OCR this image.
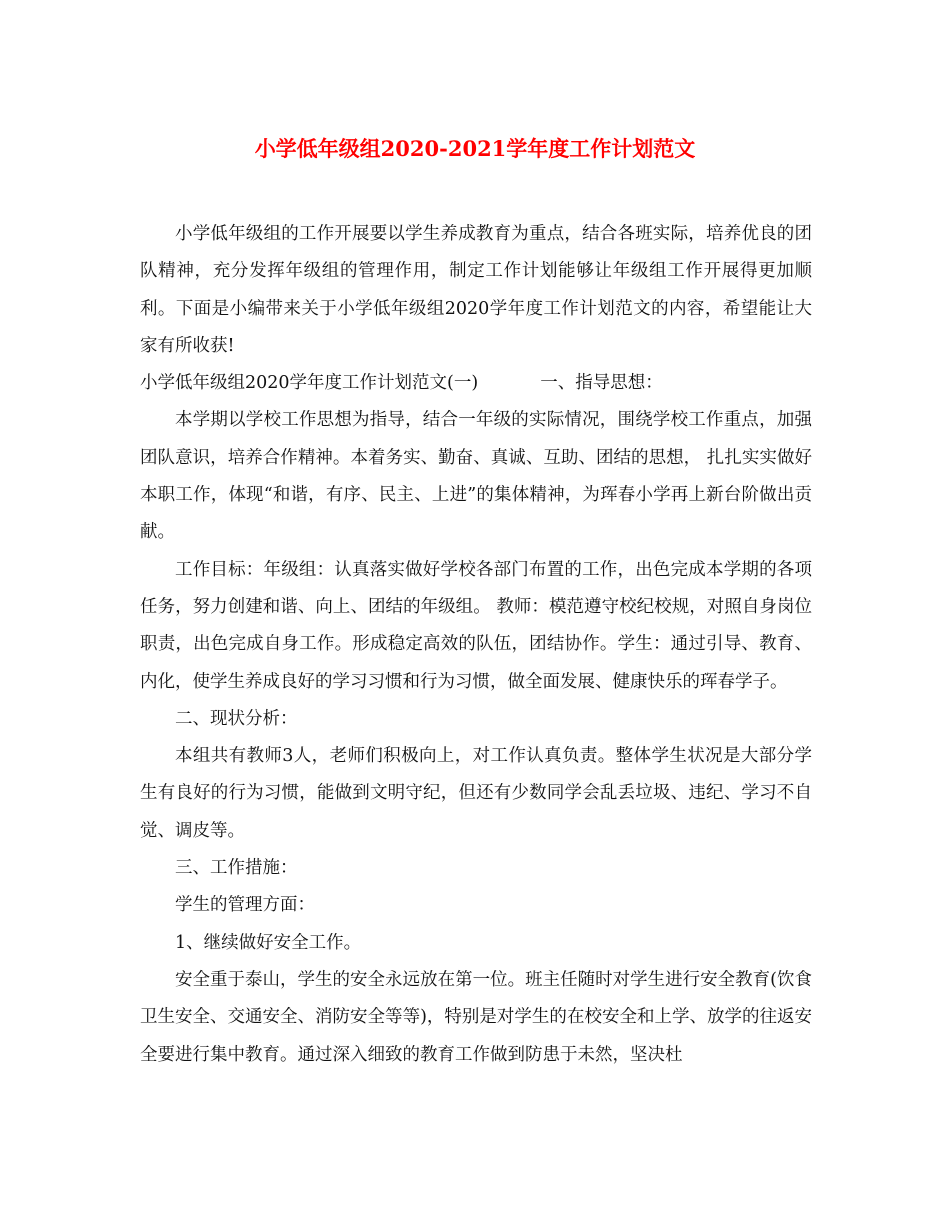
小学低年级组2020-2021学年度工作计划范文

小学低年级组的工作开展要以学生养成教育为重点，结合各班实际，培养优良的团队精神，充分发挥年级组的管理作用，制定工作计划能够让年级组工作开展得更加顺利。下面是小编带来关于小学低年级组2020学年度工作计划范文的内容，希望能让大家有所收获!

小学低年级组2020学年度工作计划范文(一)	一、指导思想：

本学期以学校工作思想为指导，结合一年级的实际情况，围绕学校工作重点，加强团队意识，培养合作精神。本着务实、勤奋、真诚、互助、团结的思想， 扎扎实实做好本职工作，体现“和谐，有序、民主、上进”的集体精神，为珲春小学再上新台阶做出贡献。

工作目标：年级组：认真落实做好学校各部门布置的工作，出色完成本学期的各项任务，努力创建和谐、向上、团结的年级组。 教师：模范遵守校纪校规，对照自身岗位职责，出色完成自身工作。形成稳定高效的队伍，团结协作。学生：通过引导、教育、内化，使学生养成良好的学习习惯和行为习惯，做全面发展、健康快乐的珲春学子。

二、现状分析：

本组共有教师3人，老师们积极向上，对工作认真负责。整体学生状况是大部分学生有良好的行为习惯，能做到文明守纪，但还有少数同学会乱丢垃圾、违纪、学习不自觉、调皮等。

三、工作措施：

学生的管理方面：

1、继续做好安全工作。

安全重于泰山，学生的安全永远放在第一位。班主任随时对学生进行安全教育(饮食卫生安全、交通安全、消防安全等等)，特别是对学生的在校安全和上学、放学的往返安全要进行集中教育。通过深入细致的教育工作做到防患于未然，坚决杜
